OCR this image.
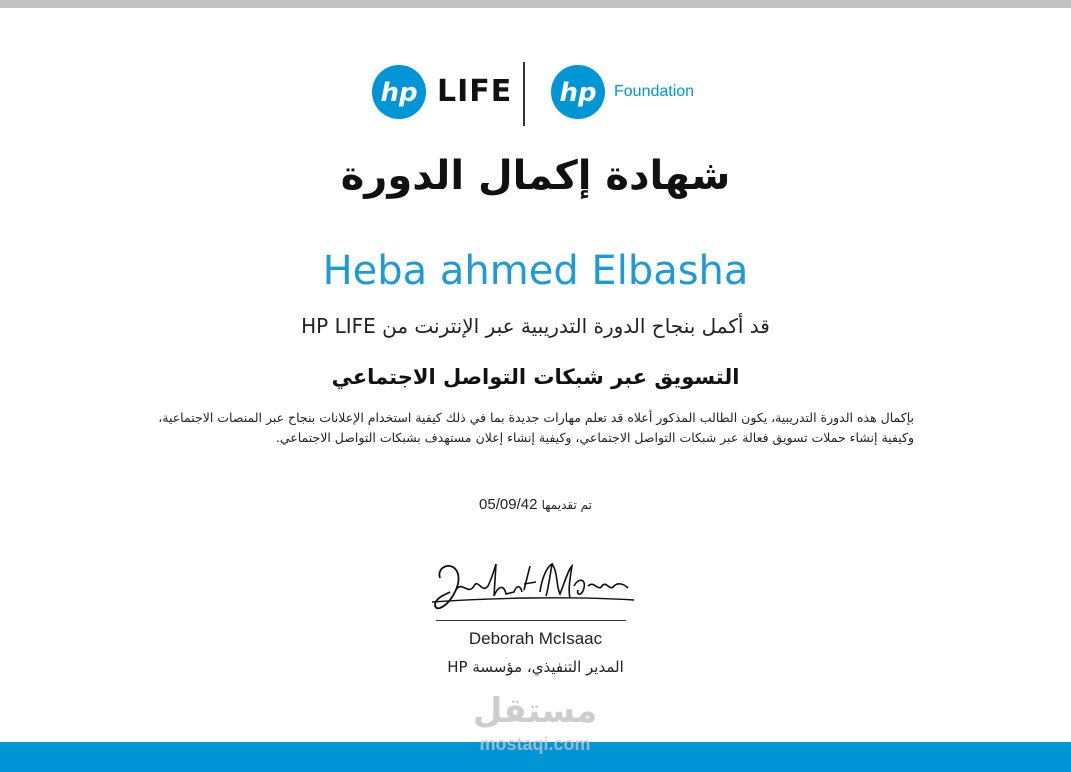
hp LIFE hp Foundation
شهادة إكمال الدورة
Heba ahmed Elbasha
قد أكمل بنجاح الدورة التدريبية عبر الإنترنت من HP LIFE
التسويق عبر شبكات التواصل الاجتماعي
بإكمال هذه الدورة التدريبية، يكون الطالب المذكور أعلاه قد تعلم مهارات جديدة بما في ذلك كيفية استخدام الإعلانات بنجاح عبر المنصات الاجتماعية، وكيفية إنشاء حملات تسويق فعالة عبر شبكات التواصل الاجتماعي، وكيفية إنشاء إعلان مستهدف بشبكات التواصل الاجتماعي.
تم تقديمها 05/09/42
Deborah McIsaac
المدير التنفيذي، مؤسسة HP
مستقل
mostaqi.com
